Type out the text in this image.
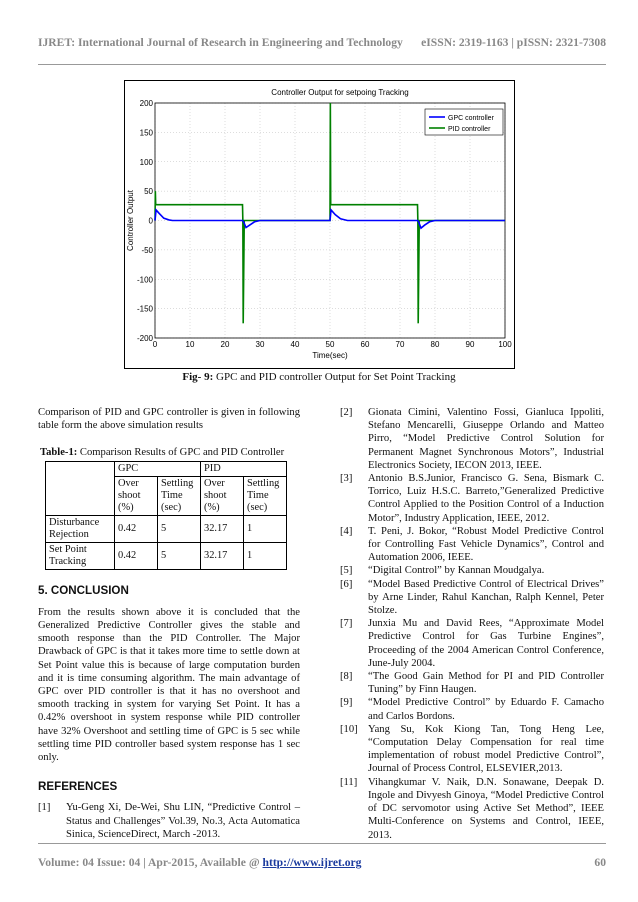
IJRET: International Journal of Research in Engineering and Technology eISSN: 2319-1163 | pISSN: 2321-7308
0	10	20	30	40	50	60	70	80	90	100
200
150
100
50
0
-50
-100
-150
-200
Controller Output for setpoing Tracking
Time(sec)
Controller Output
GPC controller
PID controller
Fig- 9: GPC and PID controller Output for Set Point Tracking

Comparison of PID and GPC controller is given in following table form the above simulation results

Table-1: Comparison Results of GPC and PID Controller
	GPC		PID	
	Over shoot (%)	Settling Time (sec)	Over shoot (%)	Settling Time (sec)
Disturbance Rejection	0.42	5	32.17	1
Set Point Tracking	0.42	5	32.17	1
5. CONCLUSION

From the results shown above it is concluded that the Generalized Predictive Controller gives the stable and smooth response than the PID Controller. The Major Drawback of GPC is that it takes more time to settle down at Set Point value this is because of large computation burden and it is time consuming algorithm. The main advantage of GPC over PID controller is that it has no overshoot and smooth tracking in system for varying Set Point. It has a 0.42% overshoot in system response while PID controller have 32% Overshoot and settling time of GPC is 5 sec while settling time PID controller based system response has 1 sec only.

REFERENCES
[1]	Yu-Geng Xi, De-Wei, Shu LIN, “Predictive Control – Status and Challenges” Vol.39, No.3, Acta Automatica Sinica, ScienceDirect, March -2013.
[2]	Gionata Cimini, Valentino Fossi, Gianluca Ippoliti, Stefano Mencarelli, Giuseppe Orlando and Matteo Pirro, “Model Predictive Control Solution for Permanent Magnet Synchronous Motors”, Industrial Electronics Society, IECON 2013, IEEE.
[3]	Antonio B.S.Junior, Francisco G. Sena, Bismark C. Torrico, Luiz H.S.C. Barreto,”Generalized Predictive Control Applied to the Position Control of a Induction Motor”, Industry Application, IEEE, 2012.
[4]	T. Peni, J. Bokor, “Robust Model Predictive Control for Controlling Fast Vehicle Dynamics”, Control and Automation 2006, IEEE.
[5]	“Digital Control” by Kannan Moudgalya.
[6]	“Model Based Predictive Control of Electrical Drives” by Arne Linder, Rahul Kanchan, Ralph Kennel, Peter Stolze.
[7]	Junxia Mu and David Rees, “Approximate Model Predictive Control for Gas Turbine Engines”, Proceeding of the 2004 American Control Conference, June-July 2004.
[8]	“The Good Gain Method for PI and PID Controller Tuning” by Finn Haugen.
[9]	“Model Predictive Control” by Eduardo F. Camacho and Carlos Bordons.
[10] Yang Su, Kok Kiong Tan, Tong Heng Lee, “Computation Delay Compensation for real time implementation of robust model Predictive Control”, Journal of Process Control, ELSEVIER,2013.
[11]	Vihangkumar V. Naik, D.N. Sonawane, Deepak D. Ingole and Divyesh Ginoya, “Model Predictive Control of DC servomotor using Active Set Method”, IEEE Multi-Conference on Systems and Control, IEEE, 2013.
Volume: 04 Issue: 04 | Apr-2015, Available @ http://www.ijret.org	60
